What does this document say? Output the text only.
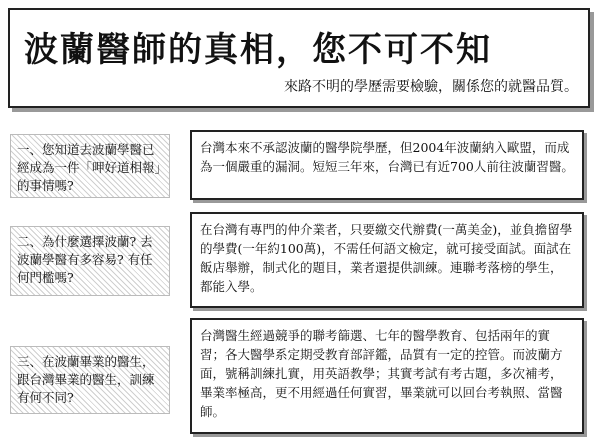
波蘭醫師的真相，您不可不知
來路不明的學歷需要檢驗，關係您的就醫品質。
一、您知道去波蘭學醫已經成為一件「呷好道相報」的事情嗎?
台灣本來不承認波蘭的醫學院學歷，但2004年波蘭納入歐盟，而成為一個嚴重的漏洞。短短三年來，台灣已有近700人前往波蘭習醫。
二、為什麼選擇波蘭? 去波蘭學醫有多容易? 有任何門檻嗎?
在台灣有專門的仲介業者，只要繳交代辦費(一萬美金)，並負擔留學的學費(一年約100萬)，不需任何語文檢定，就可接受面試。面試在飯店舉辦，制式化的題目，業者還提供訓練。連聯考落榜的學生，都能入學。
三、在波蘭畢業的醫生，跟台灣畢業的醫生，訓練有何不同?
台灣醫生經過競爭的聯考篩選、七年的醫學教育、包括兩年的實習；各大醫學系定期受教育部評鑑，品質有一定的控管。而波蘭方面，號稱訓練扎實，用英語教學；其實考試有考古題，多次補考，畢業率極高，更不用經過任何實習，畢業就可以回台考執照、當醫師。
